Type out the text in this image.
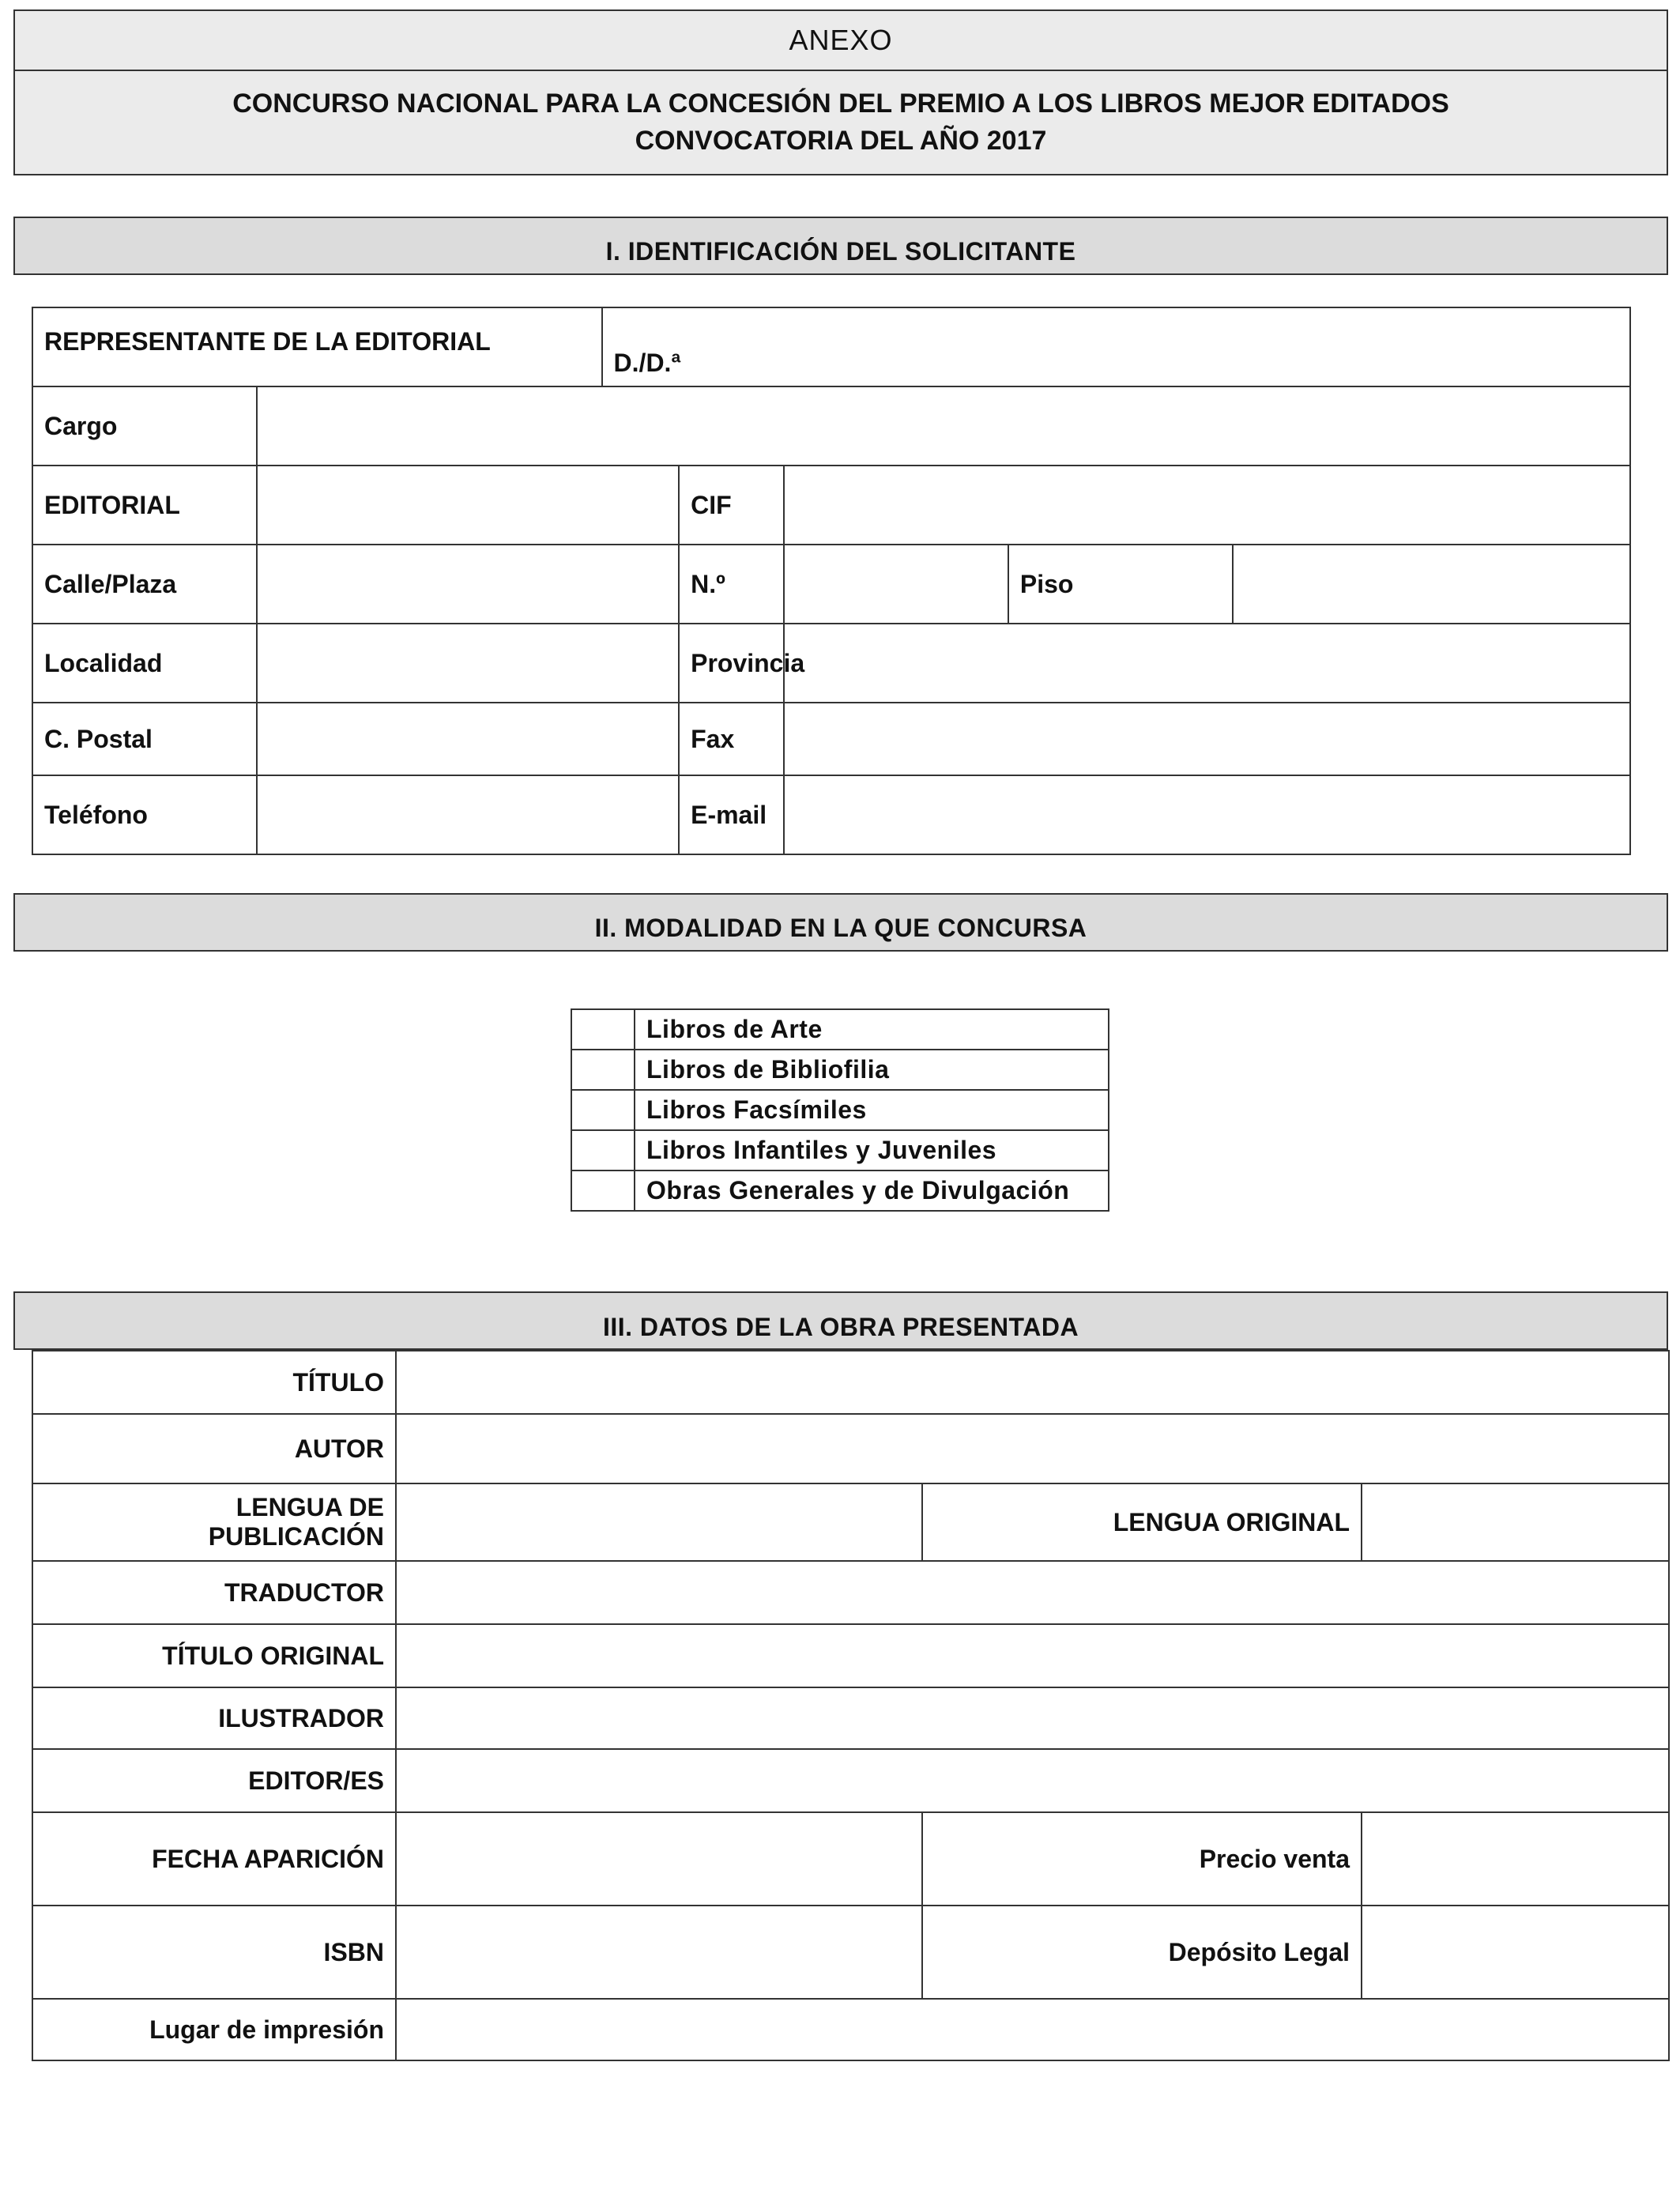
ANEXO
CONCURSO NACIONAL PARA LA CONCESIÓN DEL PREMIO A LOS LIBROS MEJOR EDITADOS
CONVOCATORIA DEL AÑO 2017
I. IDENTIFICACIÓN DEL SOLICITANTE
REPRESENTANTE DE LA EDITORIAL		D./D.ª				
Cargo						
EDITORIAL			CIF			
Calle/Plaza			N.º		Piso	
Localidad			Provincia			
C. Postal			Fax			
Teléfono			E-mail			
II. MODALIDAD EN LA QUE CONCURSA
	Libros de Arte
	Libros de Bibliofilia
	Libros Facsímiles
	Libros Infantiles y Juveniles
	Obras Generales y de Divulgación
III. DATOS DE LA OBRA PRESENTADA
TÍTULO			
AUTOR			

LENGUA DE
PUBLICACIÓN		LENGUA ORIGINAL	
TRADUCTOR			
TÍTULO ORIGINAL			
ILUSTRADOR			
EDITOR/ES			
FECHA APARICIÓN		Precio venta	
ISBN		Depósito Legal	
Lugar de impresión			
